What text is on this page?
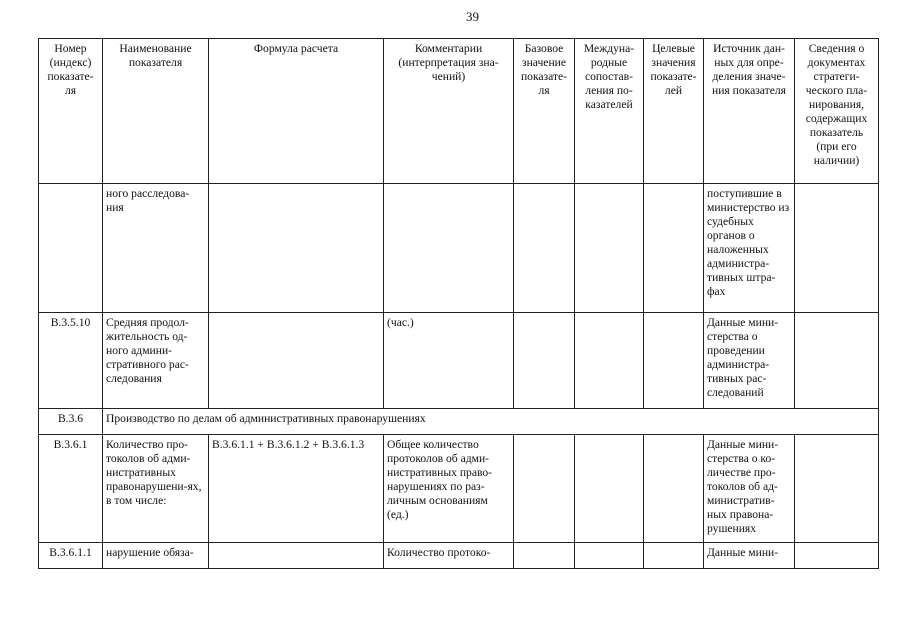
39
Номер (индекс) показате-ля	Наименование показателя	Формула расчета	Комментарии (интерпретация зна-чений)	Базовое значение показате-ля	Междуна-родные сопостав-ления по-казателей	Целевые значения показате-лей	Источник дан-ных для опре-деления значе-ния показателя	Сведения о документах стратеги-ческого пла-нирования, содержащих показатель (при его наличии)
	ного расследова-ния						поступившие в министерство из судебных органов о наложенных администра-тивных штра-фах	
В.3.5.10	Средняя продол-жительность од-ного админи-стративного рас-следования		(час.)				Данные мини-стерства о проведении администра-тивных рас-следований	
В.3.6	Производство по делам об административных правонарушениях							
В.3.6.1	Количество про-токолов об адми-нистративных правонарушени-ях, в том числе:	В.3.6.1.1 + В.3.6.1.2 + В.3.6.1.3	Общее количество протоколов об адми-нистративных право-нарушениях по раз-личным основаниям (ед.)				Данные мини-стерства о ко-личестве про-токолов об ад-министратив-ных правона-рушениях	
В.3.6.1.1	нарушение обяза-		Количество протоко-				Данные мини-	
